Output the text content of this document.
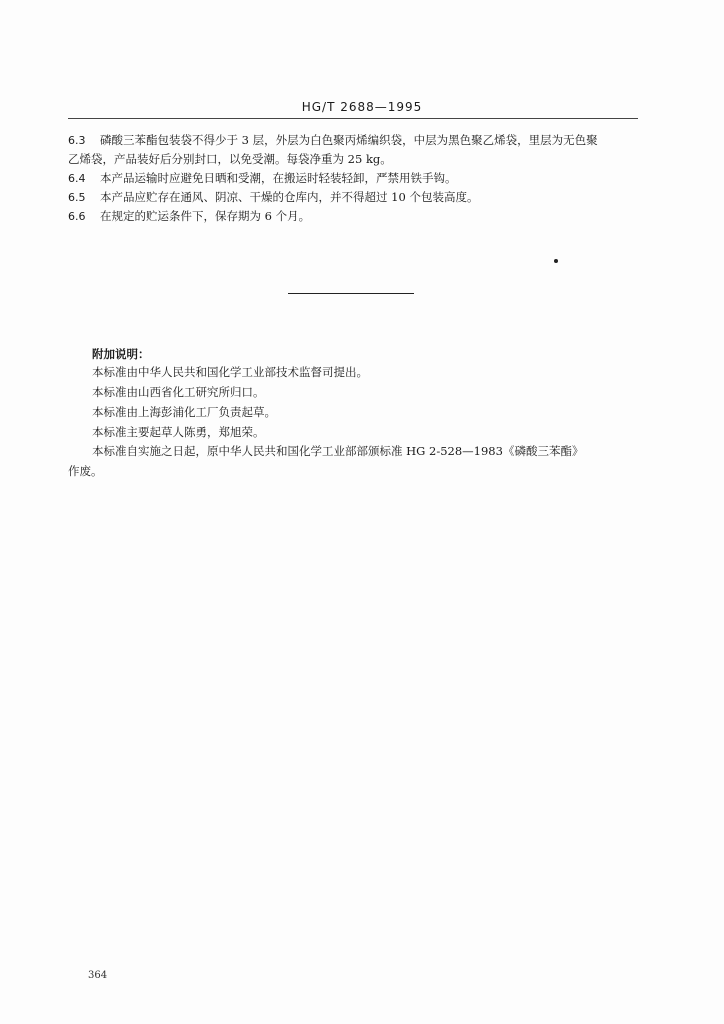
HG/T 2688—1995
6.3 磷酸三苯酯包装袋不得少于 3 层，外层为白色聚丙烯编织袋，中层为黑色聚乙烯袋，里层为无色聚
乙烯袋，产品装好后分别封口，以免受潮。每袋净重为 25 kg。
6.4 本产品运输时应避免日晒和受潮，在搬运时轻装轻卸，严禁用铁手钩。
6.5 本产品应贮存在通风、阴凉、干燥的仓库内，并不得超过 10 个包装高度。
6.6 在规定的贮运条件下，保存期为 6 个月。
附加说明：
本标准由中华人民共和国化学工业部技术监督司提出。
本标准由山西省化工研究所归口。
本标准由上海彭浦化工厂负责起草。
本标准主要起草人陈勇，郑旭荣。
本标准自实施之日起，原中华人民共和国化学工业部部颁标准 HG 2-528—1983《磷酸三苯酯》
作废。
364
